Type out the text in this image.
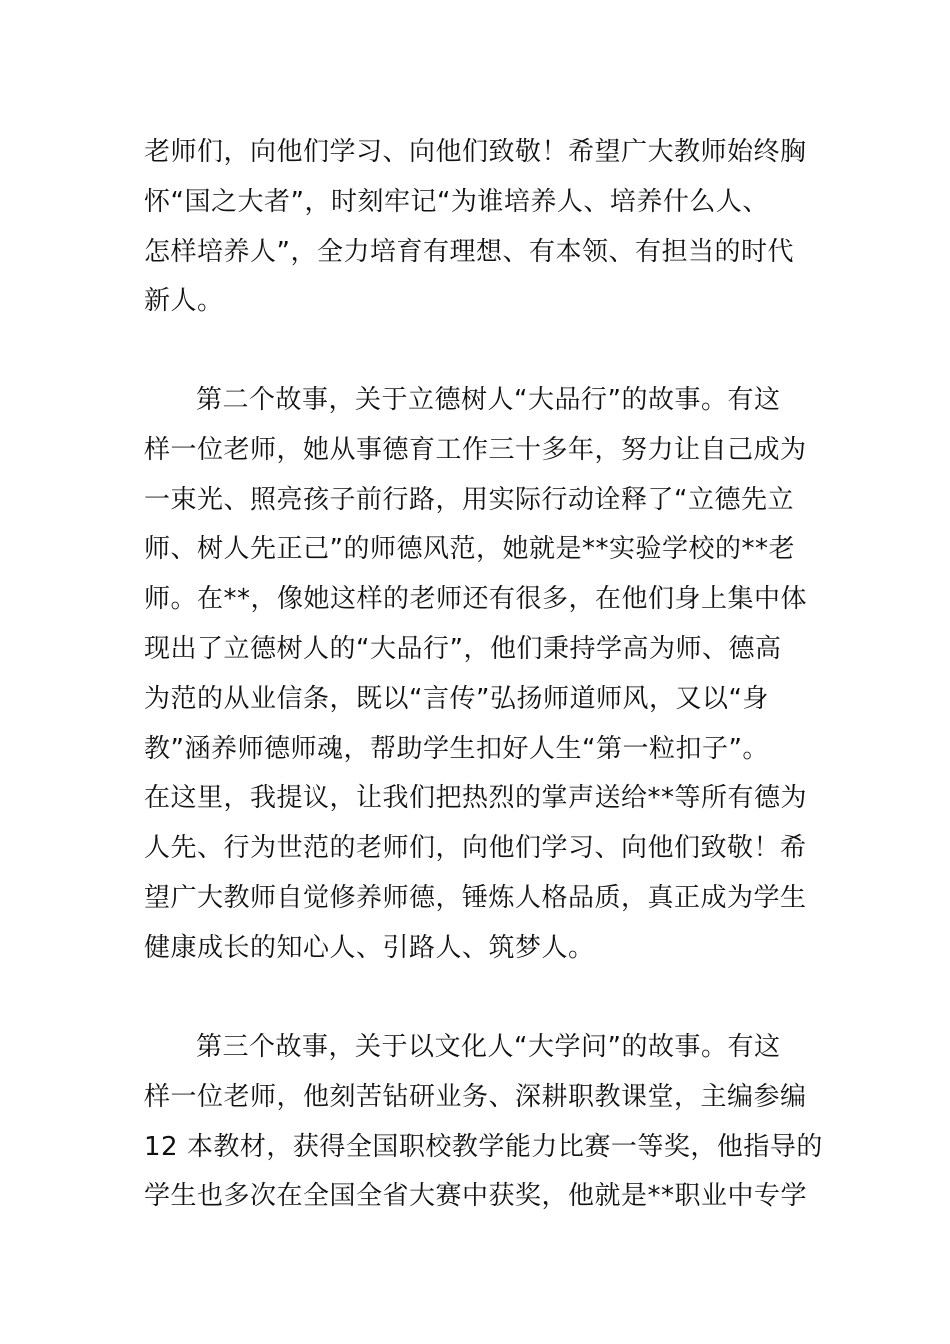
老师们，向他们学习、向他们致敬！希望广大教师始终胸
怀“国之大者”，时刻牢记“为谁培养人、培养什么人、
怎样培养人”，全力培育有理想、有本领、有担当的时代
新人。
第二个故事，关于立德树人“大品行”的故事。有这
样一位老师，她从事德育工作三十多年，努力让自己成为
一束光、照亮孩子前行路，用实际行动诠释了“立德先立
师、树人先正己”的师德风范，她就是**实验学校的**老
师。在**，像她这样的老师还有很多，在他们身上集中体
现出了立德树人的“大品行”，他们秉持学高为师、德高
为范的从业信条，既以“言传”弘扬师道师风，又以“身
教”涵养师德师魂，帮助学生扣好人生“第一粒扣子”。
在这里，我提议，让我们把热烈的掌声送给**等所有德为
人先、行为世范的老师们，向他们学习、向他们致敬！希
望广大教师自觉修养师德，锤炼人格品质，真正成为学生
健康成长的知心人、引路人、筑梦人。
第三个故事，关于以文化人“大学问”的故事。有这
样一位老师，他刻苦钻研业务、深耕职教课堂，主编参编
12 本教材，获得全国职校教学能力比赛一等奖，他指导的
学生也多次在全国全省大赛中获奖，他就是**职业中专学
